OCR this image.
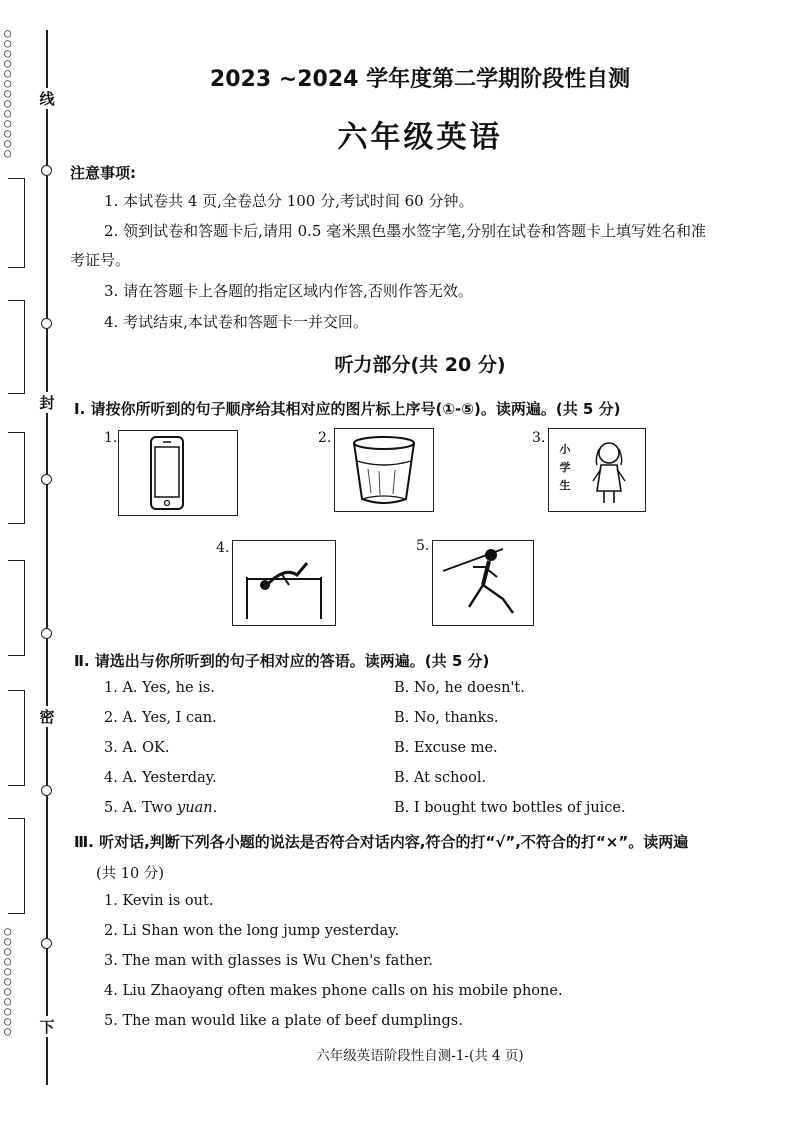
○
○
○
○
○
○
○
○
○
○
○
○
○
○
○
○
○
○
○
○
○
○
○
○
线
封
密
下
2023 ~2024 学年度第二学期阶段性自测
六年级英语
注意事项:
1. 本试卷共 4 页,全卷总分 100 分,考试时间 60 分钟。
2. 领到试卷和答题卡后,请用 0.5 毫米黑色墨水签字笔,分别在试卷和答题卡上填写姓名和准
考证号。
3. 请在答题卡上各题的指定区域内作答,否则作答无效。
4. 考试结束,本试卷和答题卡一并交回。
听力部分(共 20 分)
Ⅰ. 请按你所听到的句子顺序给其相对应的图片标上序号(①-⑤)。读两遍。(共 5 分)
1.	2.	3.
小
学
生
4.	5.
Ⅱ. 请选出与你所听到的句子相对应的答语。读两遍。(共 5 分)
1. A. Yes, he is.	B. No, he doesn't.
2. A. Yes, I can.	B. No, thanks.
3. A. OK.	B. Excuse me.
4. A. Yesterday.	B. At school.
5. A. Two yuan.	B. I bought two bottles of juice.
Ⅲ. 听对话,判断下列各小题的说法是否符合对话内容,符合的打“√”,不符合的打“×”。读两遍
(共 10 分)
1. Kevin is out.
2. Li Shan won the long jump yesterday.
3. The man with glasses is Wu Chen's father.
4. Liu Zhaoyang often makes phone calls on his mobile phone.
5. The man would like a plate of beef dumplings.
六年级英语阶段性自测-1-(共 4 页)
